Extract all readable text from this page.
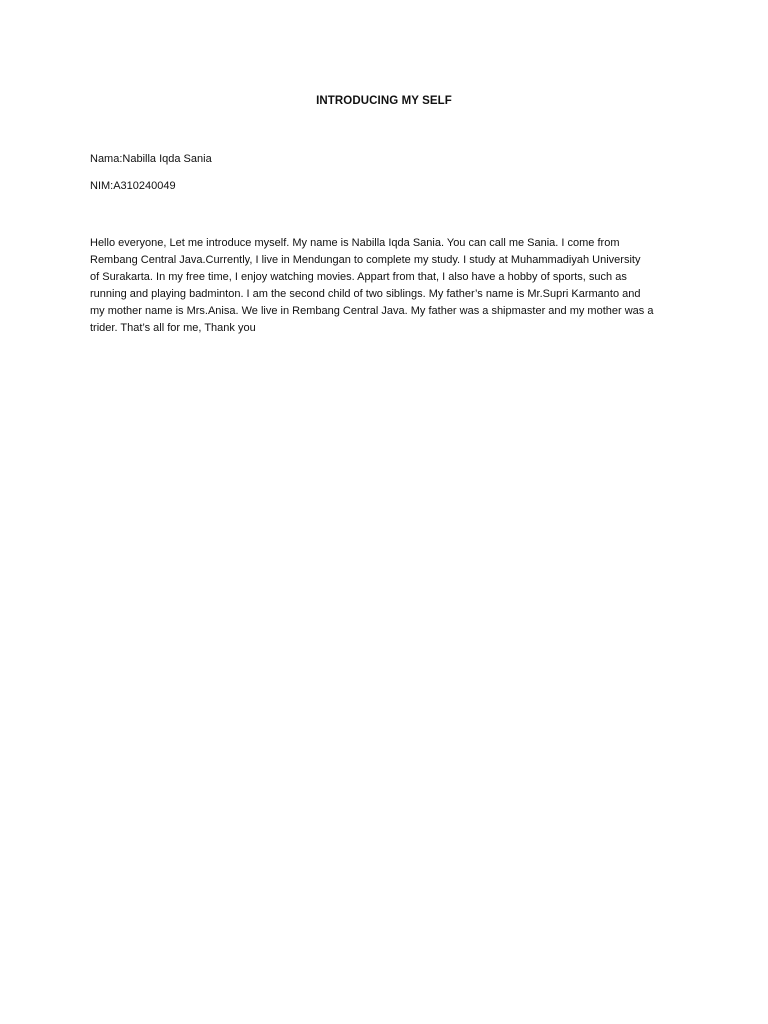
INTRODUCING MY SELF
Nama:Nabilla Iqda Sania
NIM:A310240049
Hello everyone, Let me introduce myself. My name is Nabilla Iqda Sania. You can call me Sania. I come from
Rembang Central Java.Currently, I live in Mendungan to complete my study. I study at Muhammadiyah University
of Surakarta. In my free time, I enjoy watching movies. Appart from that, I also have a hobby of sports, such as
running and playing badminton. I am the second child of two siblings. My father’s name is Mr.Supri Karmanto and
my mother name is Mrs.Anisa. We live in Rembang Central Java. My father was a shipmaster and my mother was a
trider. That’s all for me, Thank you
